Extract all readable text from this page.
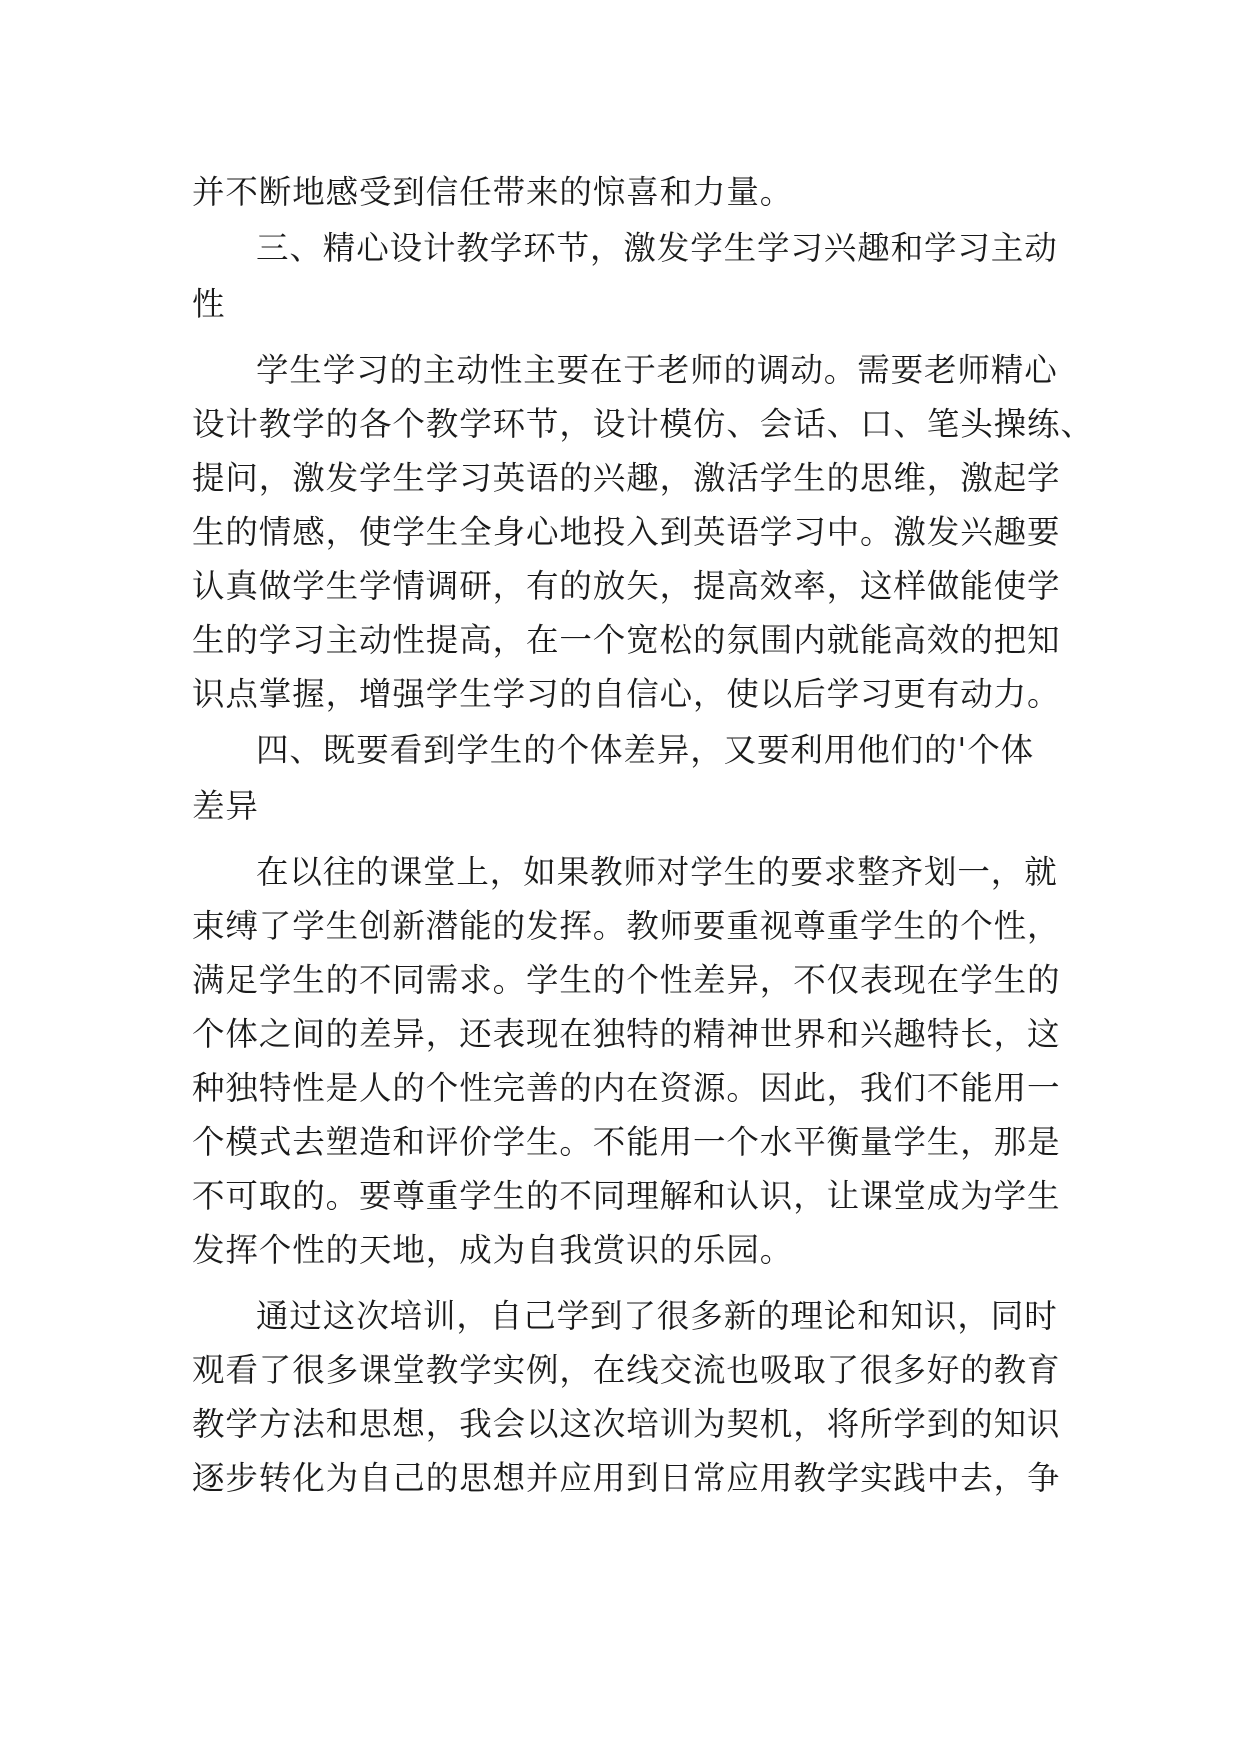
并不断地感受到信任带来的惊喜和力量。
三、精心设计教学环节，激发学生学习兴趣和学习主动
性
学生学习的主动性主要在于老师的调动。需要老师精心
设计教学的各个教学环节，设计模仿、会话、口、笔头操练、
提问，激发学生学习英语的兴趣，激活学生的思维，激起学
生的情感，使学生全身心地投入到英语学习中。激发兴趣要
认真做学生学情调研，有的放矢，提高效率，这样做能使学
生的学习主动性提高，在一个宽松的氛围内就能高效的把知
识点掌握，增强学生学习的自信心，使以后学习更有动力。
四、既要看到学生的个体差异，又要利用他们的'个体
差异
在以往的课堂上，如果教师对学生的要求整齐划一，就
束缚了学生创新潜能的发挥。教师要重视尊重学生的个性，
满足学生的不同需求。学生的个性差异，不仅表现在学生的
个体之间的差异，还表现在独特的精神世界和兴趣特长，这
种独特性是人的个性完善的内在资源。因此，我们不能用一
个模式去塑造和评价学生。不能用一个水平衡量学生，那是
不可取的。要尊重学生的不同理解和认识，让课堂成为学生
发挥个性的天地，成为自我赏识的乐园。
通过这次培训，自己学到了很多新的理论和知识，同时
观看了很多课堂教学实例，在线交流也吸取了很多好的教育
教学方法和思想，我会以这次培训为契机，将所学到的知识
逐步转化为自己的思想并应用到日常应用教学实践中去，争
